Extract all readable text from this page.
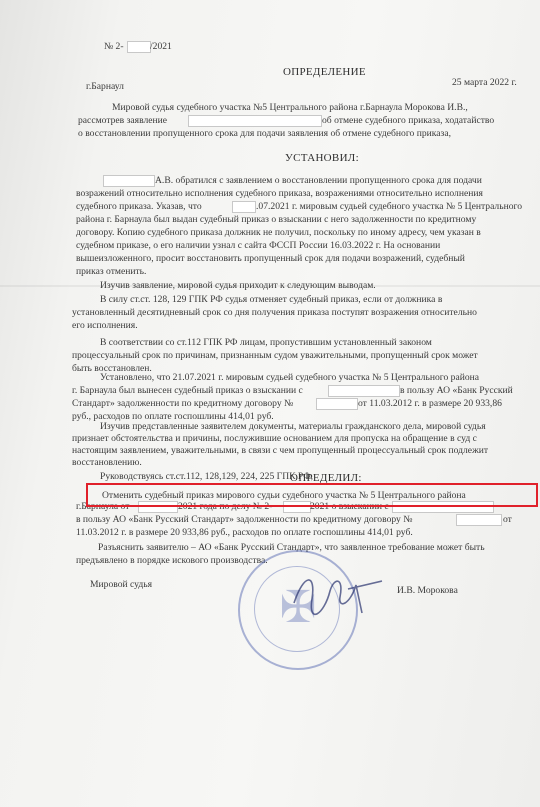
№ 2-	/2021
ОПРЕДЕЛЕНИЕ
г.Барнаул	25 марта 2022 г.
Мировой судья судебного участка №5 Центрального района г.Барнаула Морокова И.В.,
рассмотрев заявление	об отмене судебного приказа, ходатайство
о восстановлении пропущенного срока для подачи заявления об отмене судебного приказа,
УСТАНОВИЛ:
А.В. обратился с заявлением о восстановлении пропущенного срока для подачи
возражений относительно исполнения судебного приказа, возражениями относительно исполнения
судебного приказа. Указав, что	.07.2021 г. мировым судьей судебного участка № 5 Центрального
района г. Барнаула был выдан судебный приказ о взыскании с него задолженности по кредитному
договору. Копию судебного приказа должник не получил, поскольку по иному адресу, чем указан в
судебном приказе, о его наличии узнал с сайта ФССП России 16.03.2022 г. На основании
вышеизложенного, просит восстановить пропущенный срок для подачи возражений, судебный
приказ отменить.
Изучив заявление, мировой судья приходит к следующим выводам.
В силу ст.ст. 128, 129 ГПК РФ судья отменяет судебный приказ, если от должника в
установленный десятидневный срок со дня получения приказа поступят возражения относительно
его исполнения.
В соответствии со ст.112 ГПК РФ лицам, пропустившим установленный законом
процессуальный срок по причинам, признанным судом уважительными, пропущенный срок может
быть восстановлен.
Установлено, что 21.07.2021 г. мировым судьей судебного участка № 5 Центрального района
г. Барнаула был вынесен судебный приказ о взыскании с	в пользу АО «Банк Русский
Стандарт» задолженности по кредитному договору №	от 11.03.2012 г. в размере 20 933,86
руб., расходов по оплате госпошлины 414,01 руб.
Изучив представленные заявителем документы, материалы гражданского дела, мировой судья
признает обстоятельства и причины, послужившие основанием для пропуска на обращение в суд с
настоящим заявлением, уважительными, в связи с чем пропущенный процессуальный срок подлежит
восстановлению.
Руководствуясь ст.ст.112, 128,129, 224, 225 ГПК РФ,
ОПРЕДЕЛИЛ:
Отменить судебный приказ мирового судьи судебного участка № 5 Центрального района
г.Барнаула от	2021 года по делу № 2-	2021 о взыскании с
в пользу АО «Банк Русский Стандарт» задолженности по кредитному договору №	от
11.03.2012 г. в размере 20 933,86 руб., расходов по оплате госпошлины 414,01 руб.
Разъяснить заявителю – АО «Банк Русский Стандарт», что заявленное требование может быть
предъявлено в порядке искового производства.
✠
Мировой судья
И.В. Морокова
